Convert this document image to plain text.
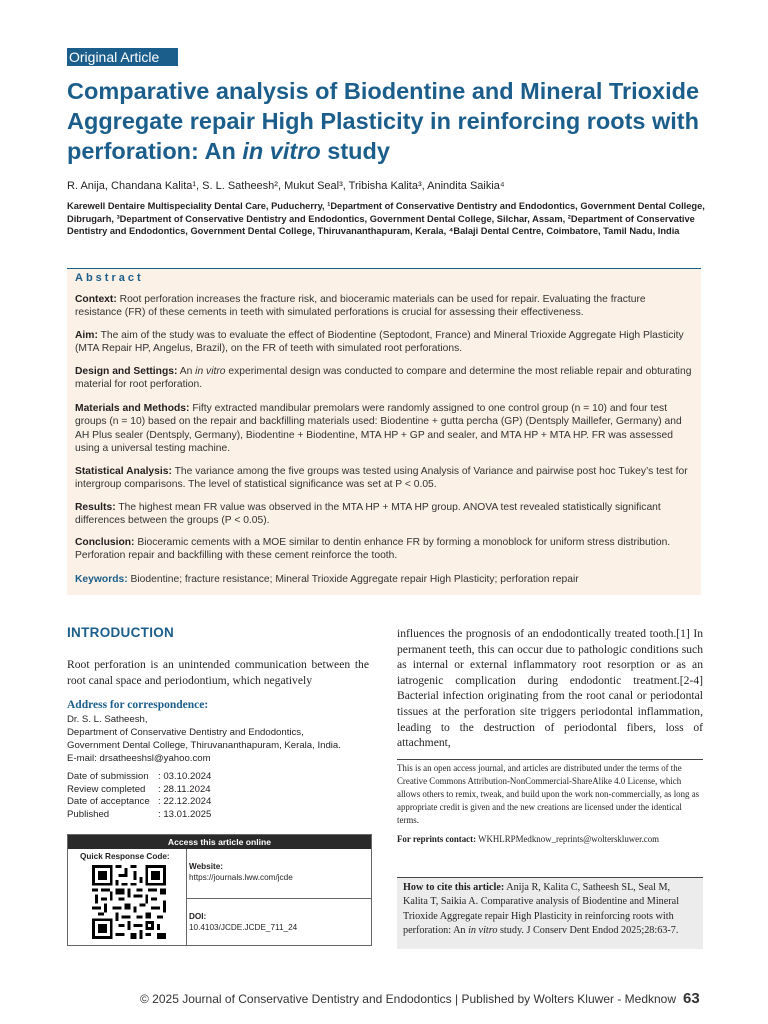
Original Article
Comparative analysis of Biodentine and Mineral Trioxide Aggregate repair High Plasticity in reinforcing roots with perforation: An in vitro study
R. Anija, Chandana Kalita¹, S. L. Satheesh², Mukut Seal³, Tribisha Kalita³, Anindita Saikia⁴
Karewell Dentaire Multispeciality Dental Care, Puducherry, ¹Department of Conservative Dentistry and Endodontics, Government Dental College, Dibrugarh, ³Department of Conservative Dentistry and Endodontics, Government Dental College, Silchar, Assam, ²Department of Conservative Dentistry and Endodontics, Government Dental College, Thiruvananthapuram, Kerala, ⁴Balaji Dental Centre, Coimbatore, Tamil Nadu, India
Abstract
Context: Root perforation increases the fracture risk, and bioceramic materials can be used for repair. Evaluating the fracture resistance (FR) of these cements in teeth with simulated perforations is crucial for assessing their effectiveness.
Aim: The aim of the study was to evaluate the effect of Biodentine (Septodont, France) and Mineral Trioxide Aggregate High Plasticity (MTA Repair HP, Angelus, Brazil), on the FR of teeth with simulated root perforations.
Design and Settings: An in vitro experimental design was conducted to compare and determine the most reliable repair and obturating material for root perforation.
Materials and Methods: Fifty extracted mandibular premolars were randomly assigned to one control group (n = 10) and four test groups (n = 10) based on the repair and backfilling materials used: Biodentine + gutta percha (GP) (Dentsply Maillefer, Germany) and AH Plus sealer (Dentsply, Germany), Biodentine + Biodentine, MTA HP + GP and sealer, and MTA HP + MTA HP. FR was assessed using a universal testing machine.
Statistical Analysis: The variance among the five groups was tested using Analysis of Variance and pairwise post hoc Tukey’s test for intergroup comparisons. The level of statistical significance was set at P < 0.05.
Results: The highest mean FR value was observed in the MTA HP + MTA HP group. ANOVA test revealed statistically significant differences between the groups (P < 0.05).
Conclusion: Bioceramic cements with a MOE similar to dentin enhance FR by forming a monoblock for uniform stress distribution. Perforation repair and backfilling with these cement reinforce the tooth.
Keywords: Biodentine; fracture resistance; Mineral Trioxide Aggregate repair High Plasticity; perforation repair
INTRODUCTION
Root perforation is an unintended communication between the root canal space and periodontium, which negatively
influences the prognosis of an endodontically treated tooth.[1] In permanent teeth, this can occur due to pathologic conditions such as internal or external inflammatory root resorption or as an iatrogenic complication during endodontic treatment.[2-4] Bacterial infection originating from the root canal or periodontal tissues at the perforation site triggers periodontal inflammation, leading to the destruction of periodontal fibers, loss of attachment,
Address for correspondence:
Dr. S. L. Satheesh,
Department of Conservative Dentistry and Endodontics,
Government Dental College, Thiruvananthapuram, Kerala, India.
E-mail: drsatheeshsl@yahoo.com
Date of submission : 03.10.2024
Review completed	: 28.11.2024
Date of acceptance : 22.12.2024
Published	: 13.01.2025
Access this article online
Quick Response Code:
Website:
https://journals.lww.com/jcde
DOI:
10.4103/JCDE.JCDE_711_24
This is an open access journal, and articles are distributed under the terms of the Creative Commons Attribution-NonCommercial-ShareAlike 4.0 License, which allows others to remix, tweak, and build upon the work non-commercially, as long as appropriate credit is given and the new creations are licensed under the identical terms.
For reprints contact: WKHLRPMedknow_reprints@wolterskluwer.com
How to cite this article: Anija R, Kalita C, Satheesh SL, Seal M, Kalita T, Saikia A. Comparative analysis of Biodentine and Mineral Trioxide Aggregate repair High Plasticity in reinforcing roots with perforation: An in vitro study. J Conserv Dent Endod 2025;28:63-7.
© 2025 Journal of Conservative Dentistry and Endodontics | Published by Wolters Kluwer - Medknow 63
